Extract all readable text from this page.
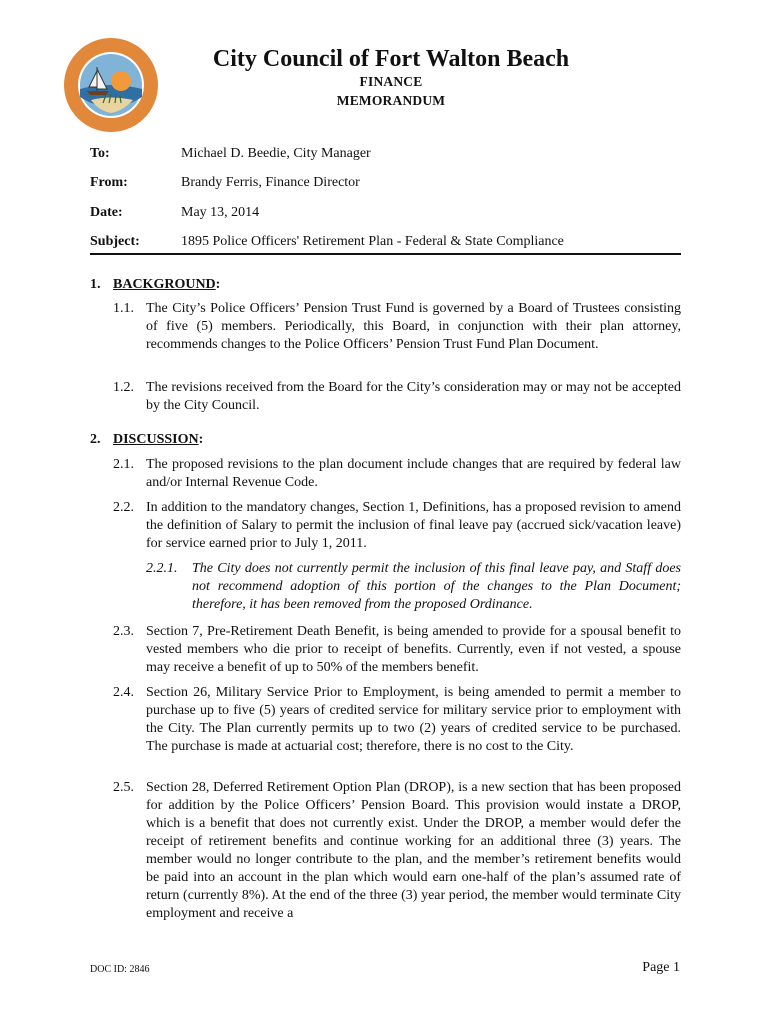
City Council of Fort Walton Beach
FINANCE
MEMORANDUM
To:	Michael D. Beedie, City Manager
From:	Brandy Ferris, Finance Director
Date:	May 13, 2014
Subject:	1895 Police Officers' Retirement Plan - Federal & State Compliance
1. BACKGROUND:
1.1. The City’s Police Officers’ Pension Trust Fund is governed by a Board of Trustees consisting of five (5) members. Periodically, this Board, in conjunction with their plan attorney, recommends changes to the Police Officers’ Pension Trust Fund Plan Document.
1.2. The revisions received from the Board for the City’s consideration may or may not be accepted by the City Council.
2. DISCUSSION:
2.1. The proposed revisions to the plan document include changes that are required by federal law and/or Internal Revenue Code.
2.2. In addition to the mandatory changes, Section 1, Definitions, has a proposed revision to amend the definition of Salary to permit the inclusion of final leave pay (accrued sick/vacation leave) for service earned prior to July 1, 2011.
2.2.1. The City does not currently permit the inclusion of this final leave pay, and Staff does not recommend adoption of this portion of the changes to the Plan Document; therefore, it has been removed from the proposed Ordinance.
2.3. Section 7, Pre-Retirement Death Benefit, is being amended to provide for a spousal benefit to vested members who die prior to receipt of benefits. Currently, even if not vested, a spouse may receive a benefit of up to 50% of the members benefit.
2.4. Section 26, Military Service Prior to Employment, is being amended to permit a member to purchase up to five (5) years of credited service for military service prior to employment with the City. The Plan currently permits up to two (2) years of credited service to be purchased. The purchase is made at actuarial cost; therefore, there is no cost to the City.
2.5. Section 28, Deferred Retirement Option Plan (DROP), is a new section that has been proposed for addition by the Police Officers’ Pension Board. This provision would instate a DROP, which is a benefit that does not currently exist. Under the DROP, a member would defer the receipt of retirement benefits and continue working for an additional three (3) years. The member would no longer contribute to the plan, and the member’s retirement benefits would be paid into an account in the plan which would earn one-half of the plan’s assumed rate of return (currently 8%). At the end of the three (3) year period, the member would terminate City employment and receive a
DOC ID: 2846	Page 1
